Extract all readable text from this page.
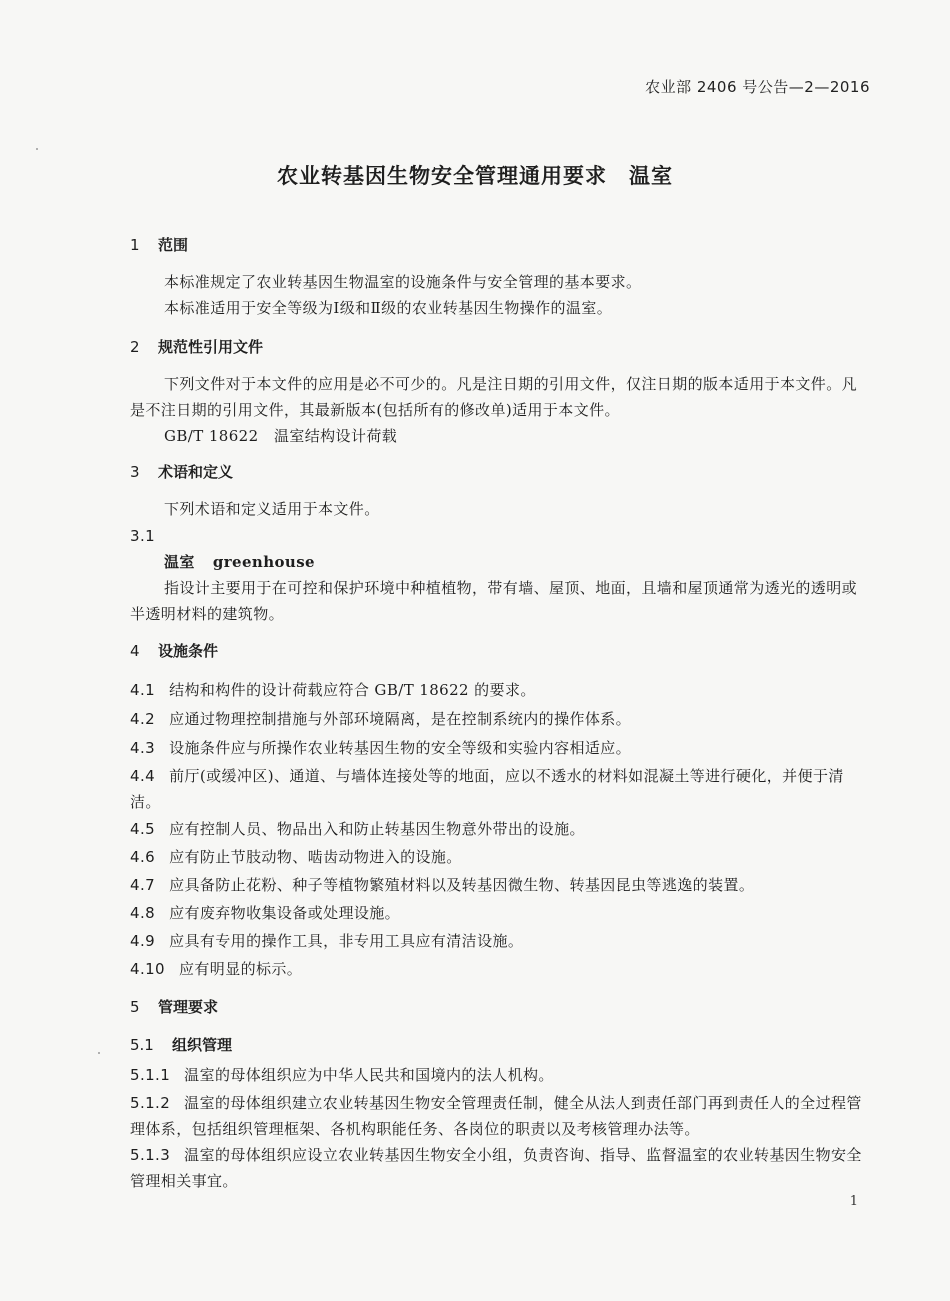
农业部 2406 号公告—2—2016
农业转基因生物安全管理通用要求　温室
1 范围
本标准规定了农业转基因生物温室的设施条件与安全管理的基本要求。
本标准适用于安全等级为Ⅰ级和Ⅱ级的农业转基因生物操作的温室。
2 规范性引用文件
下列文件对于本文件的应用是必不可少的。凡是注日期的引用文件，仅注日期的版本适用于本文件。凡是不注日期的引用文件，其最新版本(包括所有的修改单)适用于本文件。
GB/T 18622　温室结构设计荷载
3 术语和定义
下列术语和定义适用于本文件。
3.1
温室 greenhouse
指设计主要用于在可控和保护环境中种植植物，带有墙、屋顶、地面，且墙和屋顶通常为透光的透明或半透明材料的建筑物。
4 设施条件
4.1 结构和构件的设计荷载应符合 GB/T 18622 的要求。
4.2 应通过物理控制措施与外部环境隔离，是在控制系统内的操作体系。
4.3 设施条件应与所操作农业转基因生物的安全等级和实验内容相适应。
4.4 前厅(或缓冲区)、通道、与墙体连接处等的地面，应以不透水的材料如混凝土等进行硬化，并便于清洁。
4.5 应有控制人员、物品出入和防止转基因生物意外带出的设施。
4.6 应有防止节肢动物、啮齿动物进入的设施。
4.7 应具备防止花粉、种子等植物繁殖材料以及转基因微生物、转基因昆虫等逃逸的装置。
4.8 应有废弃物收集设备或处理设施。
4.9 应具有专用的操作工具，非专用工具应有清洁设施。
4.10 应有明显的标示。
5 管理要求
5.1 组织管理
5.1.1 温室的母体组织应为中华人民共和国境内的法人机构。
5.1.2 温室的母体组织建立农业转基因生物安全管理责任制，健全从法人到责任部门再到责任人的全过程管理体系，包括组织管理框架、各机构职能任务、各岗位的职责以及考核管理办法等。
5.1.3 温室的母体组织应设立农业转基因生物安全小组，负责咨询、指导、监督温室的农业转基因生物安全管理相关事宜。
1
